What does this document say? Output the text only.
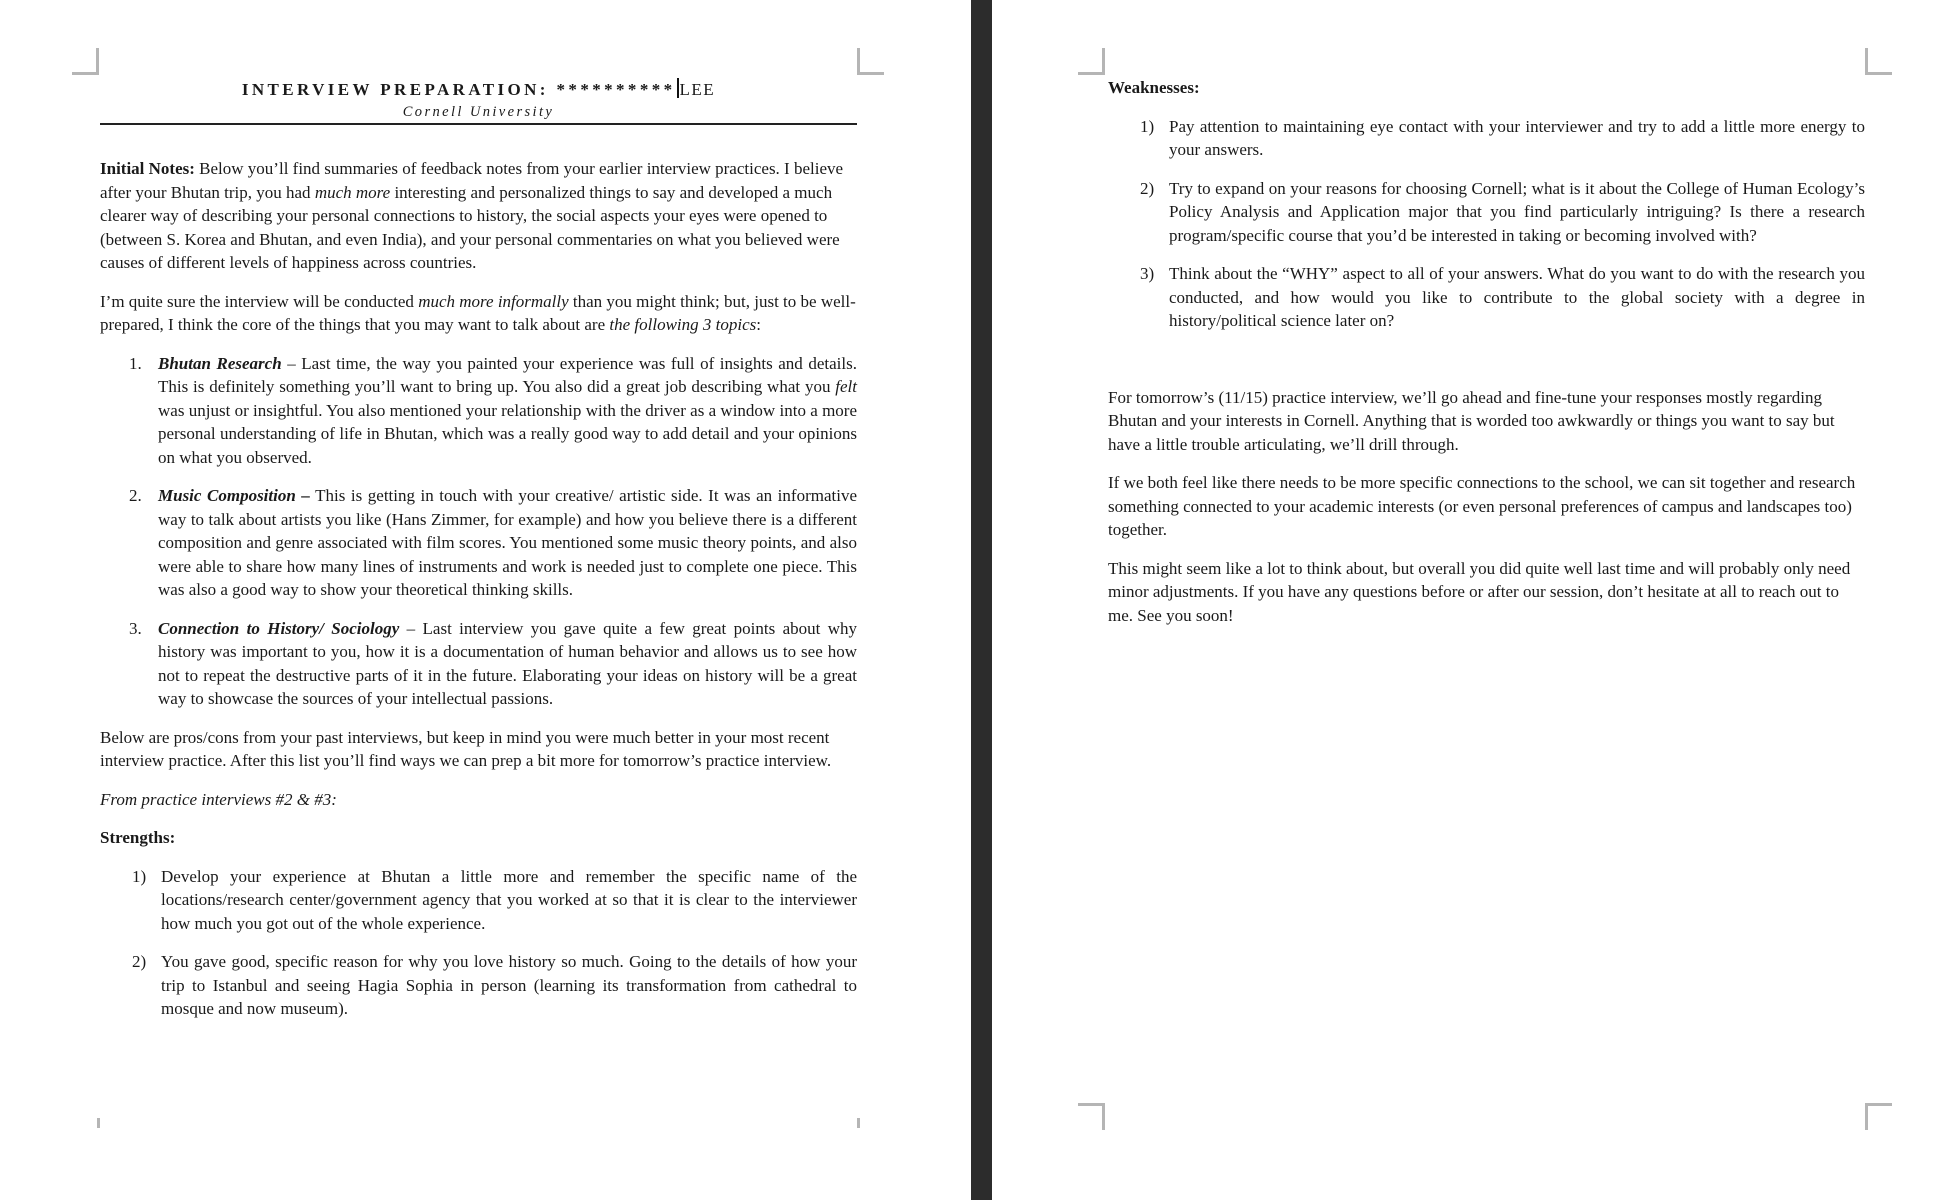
INTERVIEW PREPARATION: ********** LEE
Cornell University

Initial Notes: Below you’ll find summaries of feedback notes from your earlier interview practices. I believe after your Bhutan trip, you had much more interesting and personalized things to say and developed a much clearer way of describing your personal connections to history, the social aspects your eyes were opened to (between S. Korea and Bhutan, and even India), and your personal commentaries on what you believed were causes of different levels of happiness across countries.

I’m quite sure the interview will be conducted much more informally than you might think; but, just to be well-prepared, I think the core of the things that you may want to talk about are the following 3 topics:

1. Bhutan Research – Last time, the way you painted your experience was full of insights and details. This is definitely something you’ll want to bring up. You also did a great job describing what you felt was unjust or insightful. You also mentioned your relationship with the driver as a window into a more personal understanding of life in Bhutan, which was a really good way to add detail and your opinions on what you observed.
2. Music Composition – This is getting in touch with your creative/ artistic side. It was an informative way to talk about artists you like (Hans Zimmer, for example) and how you believe there is a different composition and genre associated with film scores. You mentioned some music theory points, and also were able to share how many lines of instruments and work is needed just to complete one piece. This was also a good way to show your theoretical thinking skills.
3. Connection to History/ Sociology – Last interview you gave quite a few great points about why history was important to you, how it is a documentation of human behavior and allows us to see how not to repeat the destructive parts of it in the future. Elaborating your ideas on history will be a great way to showcase the sources of your intellectual passions.

Below are pros/cons from your past interviews, but keep in mind you were much better in your most recent interview practice. After this list you’ll find ways we can prep a bit more for tomorrow’s practice interview.

From practice interviews #2 & #3:

Strengths:

1) Develop your experience at Bhutan a little more and remember the specific name of the locations/research center/government agency that you worked at so that it is clear to the interviewer how much you got out of the whole experience.
2) You gave good, specific reason for why you love history so much. Going to the details of how your trip to Istanbul and seeing Hagia Sophia in person (learning its transformation from cathedral to mosque and now museum).

Weaknesses:

1) Pay attention to maintaining eye contact with your interviewer and try to add a little more energy to your answers.
2) Try to expand on your reasons for choosing Cornell; what is it about the College of Human Ecology’s Policy Analysis and Application major that you find particularly intriguing? Is there a research program/specific course that you’d be interested in taking or becoming involved with?
3) Think about the “WHY” aspect to all of your answers. What do you want to do with the research you conducted, and how would you like to contribute to the global society with a degree in history/political science later on?

For tomorrow’s (11/15) practice interview, we’ll go ahead and fine-tune your responses mostly regarding Bhutan and your interests in Cornell. Anything that is worded too awkwardly or things you want to say but have a little trouble articulating, we’ll drill through.

If we both feel like there needs to be more specific connections to the school, we can sit together and research something connected to your academic interests (or even personal preferences of campus and landscapes too) together.

This might seem like a lot to think about, but overall you did quite well last time and will probably only need minor adjustments. If you have any questions before or after our session, don’t hesitate at all to reach out to me. See you soon!
